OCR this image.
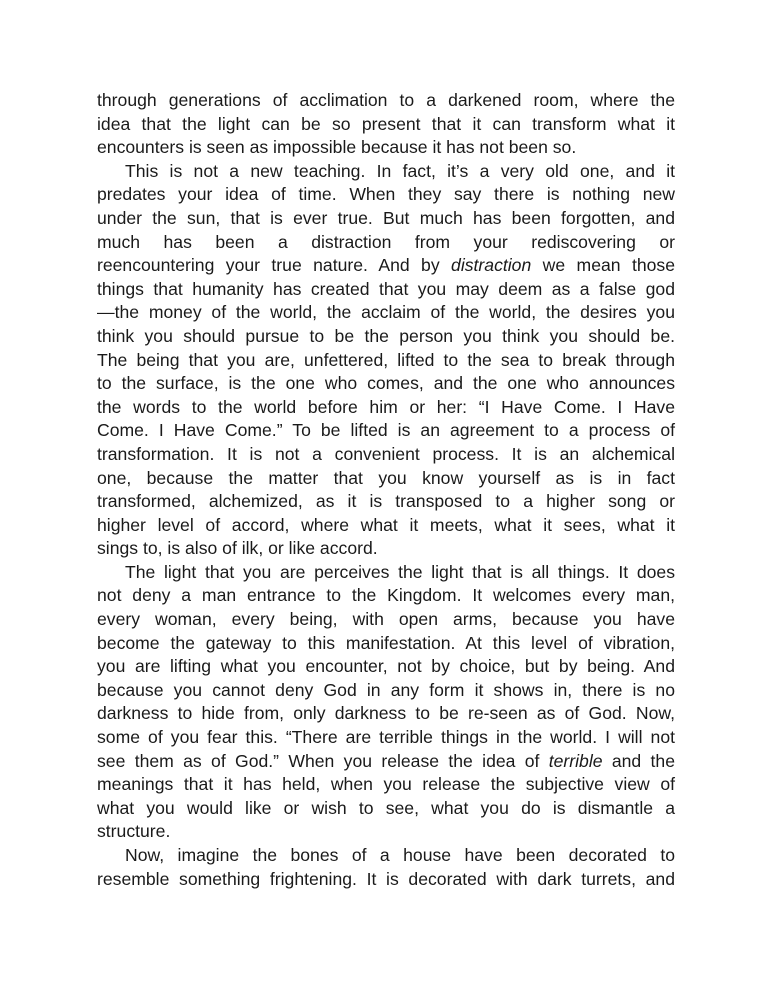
through generations of acclimation to a darkened room, where the
idea that the light can be so present that it can transform what it
encounters is seen as impossible because it has not been so.
This is not a new teaching. In fact, it’s a very old one, and it
predates your idea of time. When they say there is nothing new
under the sun, that is ever true. But much has been forgotten, and
much has been a distraction from your rediscovering or
reencountering your true nature. And by distraction we mean those
things that humanity has created that you may deem as a false god
—the money of the world, the acclaim of the world, the desires you
think you should pursue to be the person you think you should be.
The being that you are, unfettered, lifted to the sea to break through
to the surface, is the one who comes, and the one who announces
the words to the world before him or her: “I Have Come. I Have
Come. I Have Come.” To be lifted is an agreement to a process of
transformation. It is not a convenient process. It is an alchemical
one, because the matter that you know yourself as is in fact
transformed, alchemized, as it is transposed to a higher song or
higher level of accord, where what it meets, what it sees, what it
sings to, is also of ilk, or like accord.
The light that you are perceives the light that is all things. It does
not deny a man entrance to the Kingdom. It welcomes every man,
every woman, every being, with open arms, because you have
become the gateway to this manifestation. At this level of vibration,
you are lifting what you encounter, not by choice, but by being. And
because you cannot deny God in any form it shows in, there is no
darkness to hide from, only darkness to be re-seen as of God. Now,
some of you fear this. “There are terrible things in the world. I will not
see them as of God.” When you release the idea of terrible and the
meanings that it has held, when you release the subjective view of
what you would like or wish to see, what you do is dismantle a
structure.
Now, imagine the bones of a house have been decorated to
resemble something frightening. It is decorated with dark turrets, and
